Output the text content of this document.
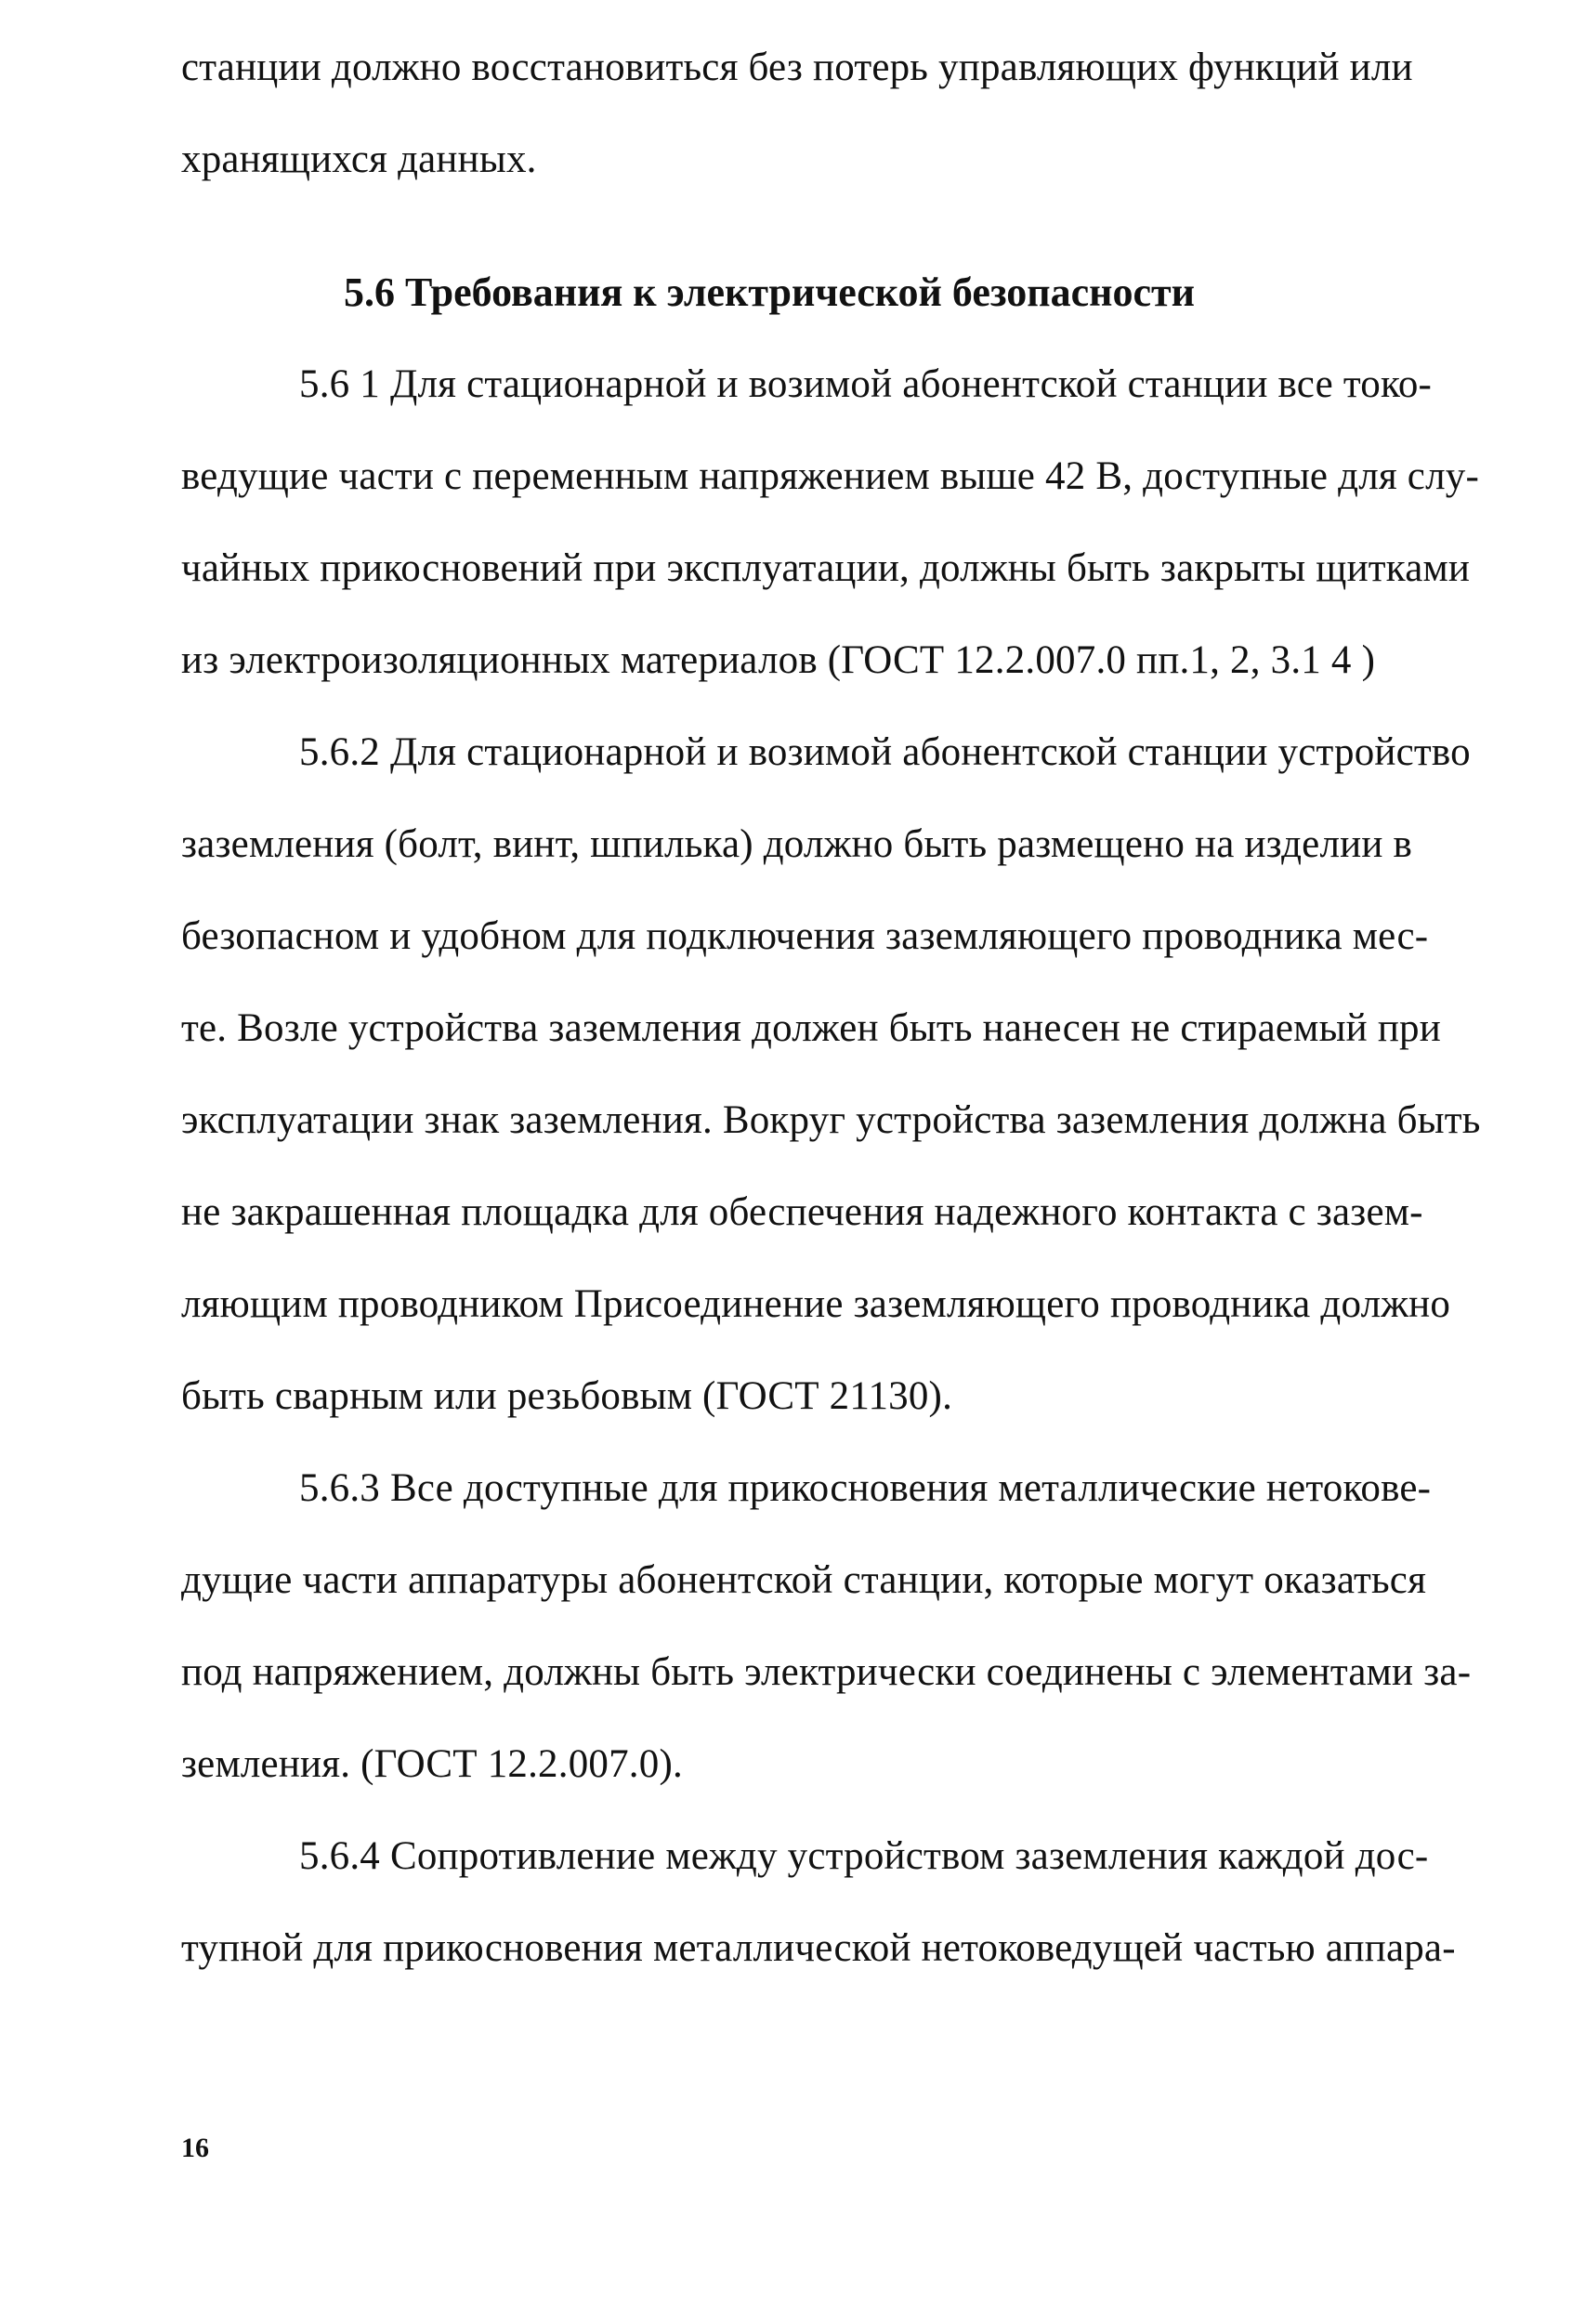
станции должно восстановиться без потерь управляющих функций или
хранящихся данных.
5.6 Требования к электрической безопасности
5.6 1 Для стационарной и возимой абонентской станции все токо-
ведущие части с переменным напряжением выше 42 В, доступные для слу-
чайных прикосновений при эксплуатации, должны быть закрыты щитками
из электроизоляционных материалов (ГОСТ 12.2.007.0 пп.1, 2, 3.1 4 )
5.6.2 Для стационарной и возимой абонентской станции устройство
заземления (болт, винт, шпилька) должно быть размещено на изделии в
безопасном и удобном для подключения заземляющего проводника мес-
те. Возле устройства заземления должен быть нанесен не стираемый при
эксплуатации знак заземления. Вокруг устройства заземления должна быть
не закрашенная площадка для обеспечения надежного контакта с зазем-
ляющим проводником Присоединение заземляющего проводника должно
быть сварным или резьбовым (ГОСТ 21130).
5.6.3 Все доступные для прикосновения металлические нетокове-
дущие части аппаратуры абонентской станции, которые могут оказаться
под напряжением, должны быть электрически соединены с элементами за-
земления. (ГОСТ 12.2.007.0).
5.6.4 Сопротивление между устройством заземления каждой дос-
тупной для прикосновения металлической нетоковедущей частью аппара-
16
